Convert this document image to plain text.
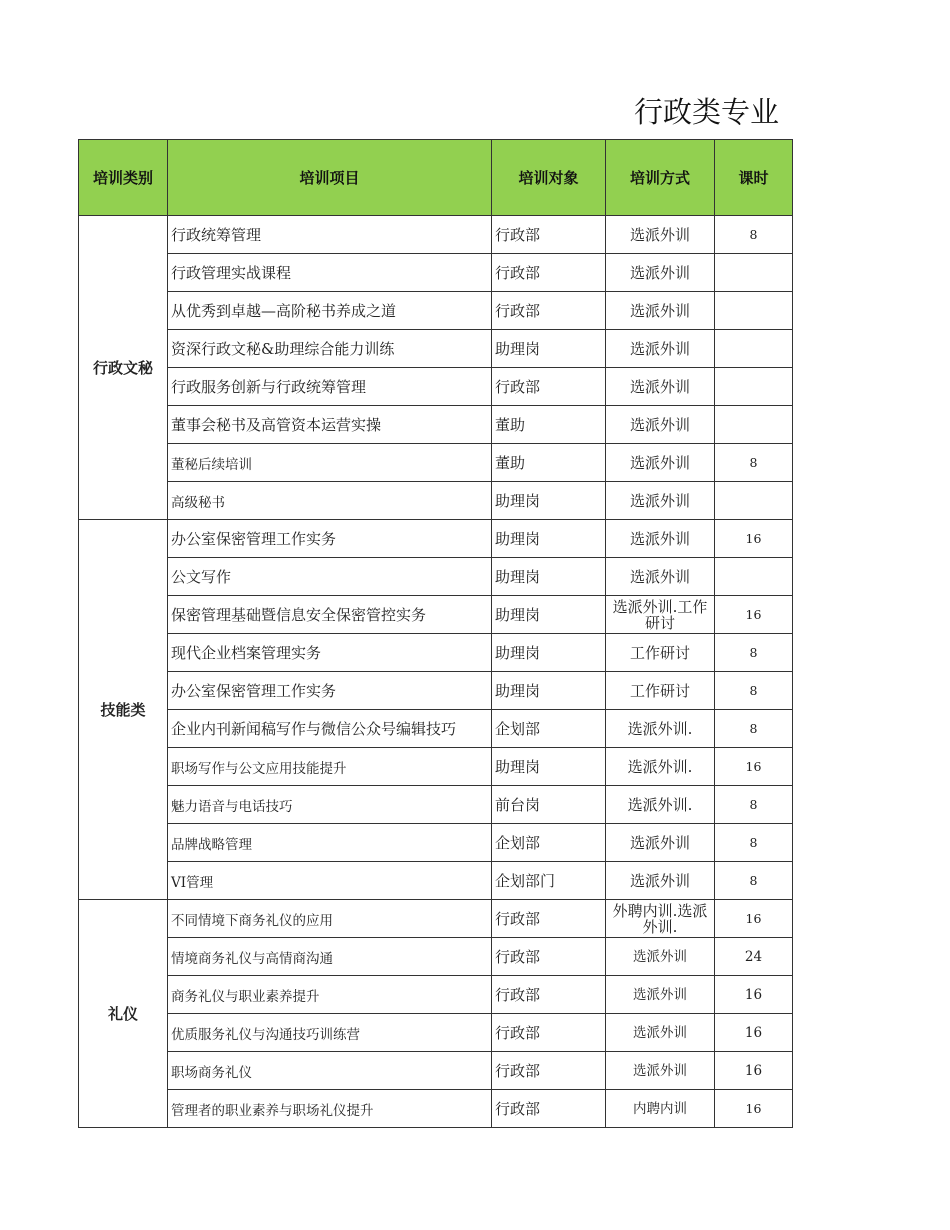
行政类专业
培训类别	培训项目	培训对象	培训方式	课时
行政文秘	行政统筹管理	行政部	选派外训	8
	行政管理实战课程	行政部	选派外训	
	从优秀到卓越—高阶秘书养成之道	行政部	选派外训	
	资深行政文秘&助理综合能力训练	助理岗	选派外训	
	行政服务创新与行政统筹管理	行政部	选派外训	
	董事会秘书及高管资本运营实操	董助	选派外训	
	董秘后续培训	董助	选派外训	8
	高级秘书	助理岗	选派外训	
技能类	办公室保密管理工作实务	助理岗	选派外训	16
	公文写作	助理岗	选派外训	
	保密管理基础暨信息安全保密管控实务	助理岗	选派外训.工作研讨	16
	现代企业档案管理实务	助理岗	工作研讨	8
	办公室保密管理工作实务	助理岗	工作研讨	8
	企业内刊新闻稿写作与微信公众号编辑技巧	企划部	选派外训.	8
	职场写作与公文应用技能提升	助理岗	选派外训.	16
	魅力语音与电话技巧	前台岗	选派外训.	8
	品牌战略管理	企划部	选派外训	8
	VI管理	企划部门	选派外训	8
礼仪	不同情境下商务礼仪的应用	行政部	外聘内训.选派外训.	16
	情境商务礼仪与高情商沟通	行政部	选派外训	24
	商务礼仪与职业素养提升	行政部	选派外训	16
	优质服务礼仪与沟通技巧训练营	行政部	选派外训	16
	职场商务礼仪	行政部	选派外训	16
	管理者的职业素养与职场礼仪提升	行政部	内聘内训	16
